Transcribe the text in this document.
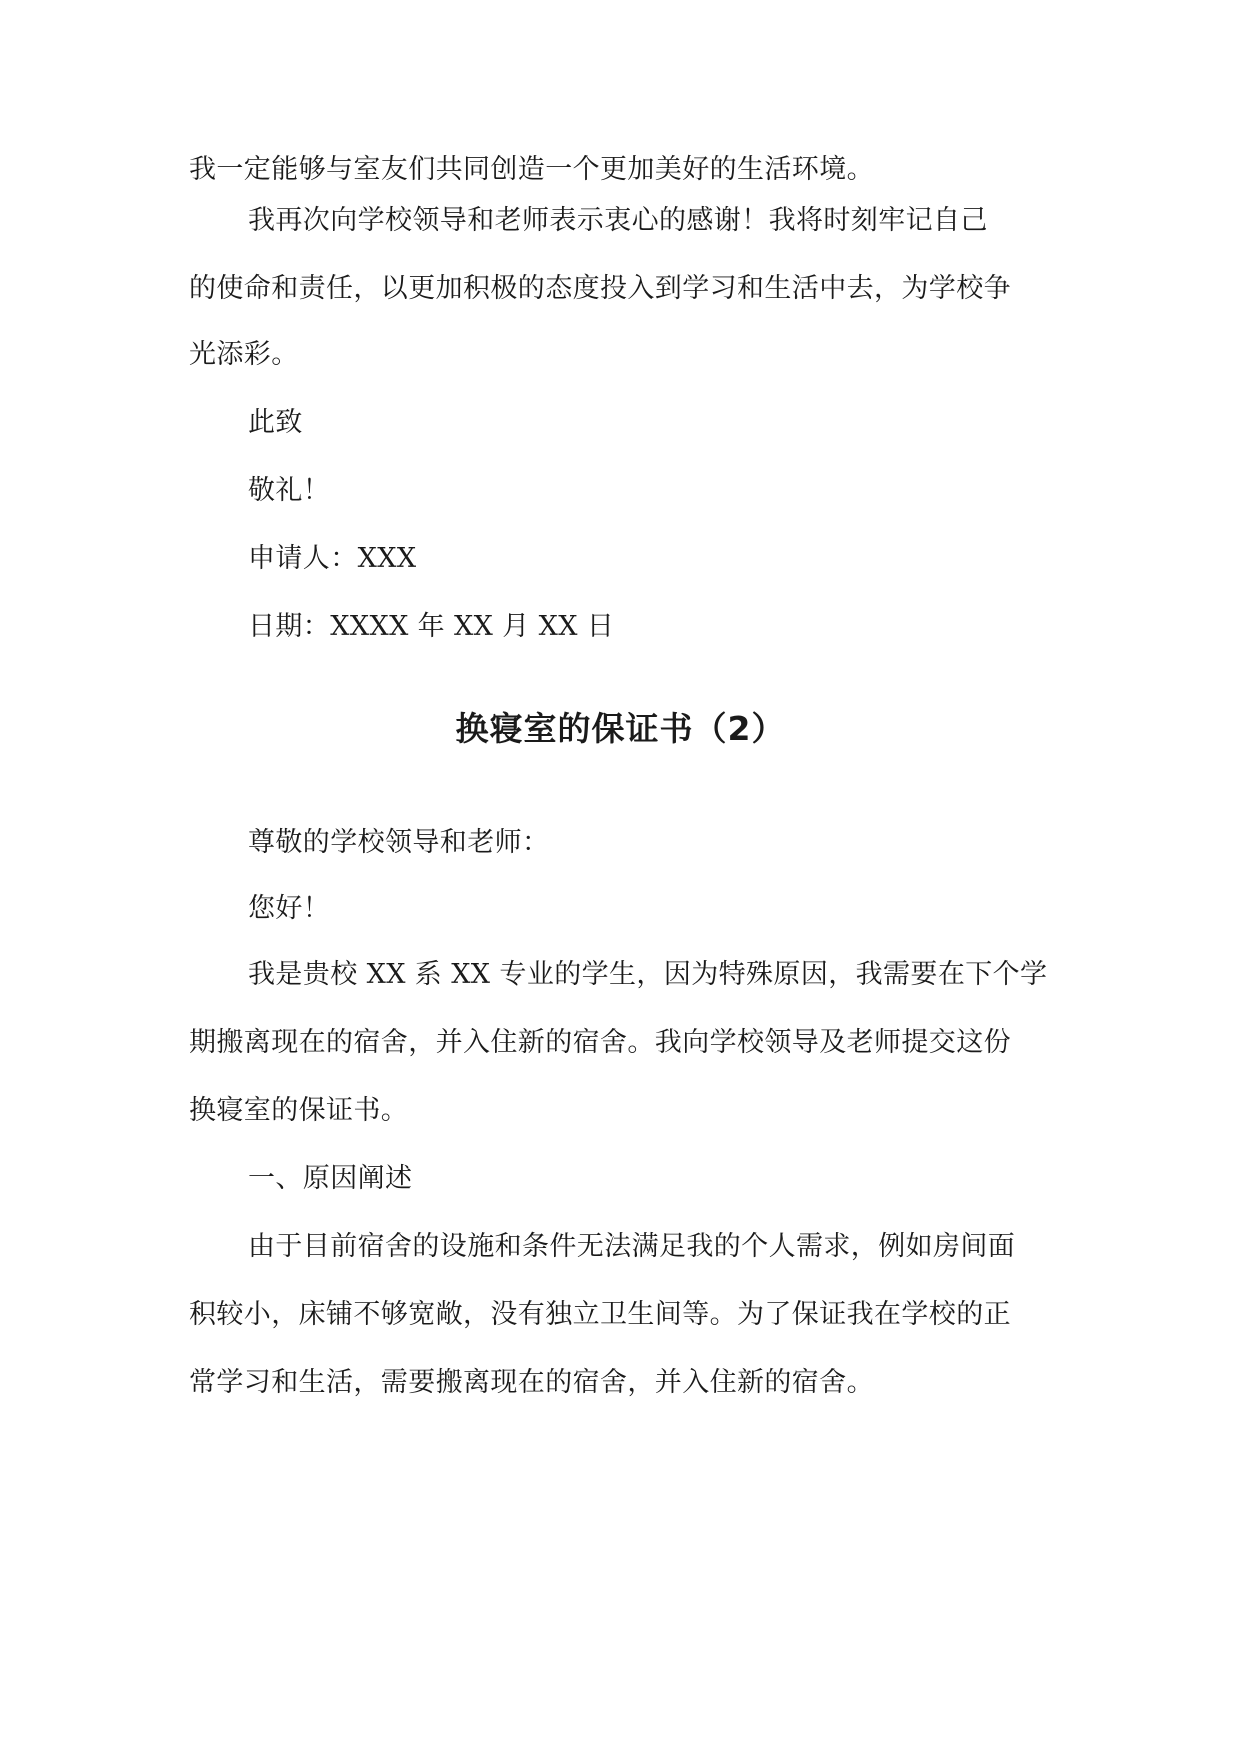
我一定能够与室友们共同创造一个更加美好的生活环境。
我再次向学校领导和老师表示衷心的感谢！我将时刻牢记自己
的使命和责任，以更加积极的态度投入到学习和生活中去，为学校争
光添彩。
此致
敬礼！
申请人：XXX
日期：XXXX 年 XX 月 XX 日
换寝室的保证书（2）
尊敬的学校领导和老师：
您好！
我是贵校 XX 系 XX 专业的学生，因为特殊原因，我需要在下个学
期搬离现在的宿舍，并入住新的宿舍。我向学校领导及老师提交这份
换寝室的保证书。
一、原因阐述
由于目前宿舍的设施和条件无法满足我的个人需求，例如房间面
积较小，床铺不够宽敞，没有独立卫生间等。为了保证我在学校的正
常学习和生活，需要搬离现在的宿舍，并入住新的宿舍。
